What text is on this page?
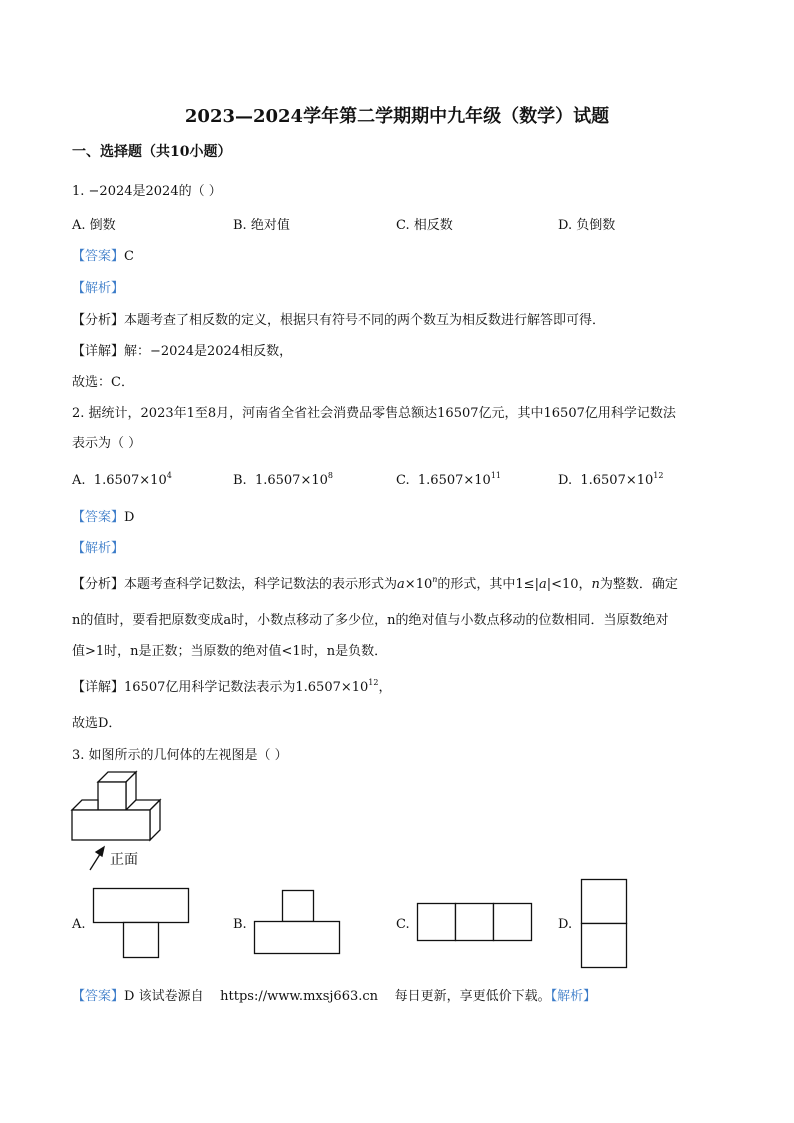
2023—2024学年第二学期期中九年级（数学）试题
一、选择题（共10小题）
1. −2024是2024的（ ）
A. 倒数	B. 绝对值	C. 相反数	D. 负倒数
【答案】C
【解析】
【分析】本题考查了相反数的定义，根据只有符号不同的两个数互为相反数进行解答即可得．
【详解】解：−2024是2024相反数，
故选：C．
2. 据统计，2023年1至8月，河南省全省社会消费品零售总额达16507亿元，其中16507亿用科学记数法
表示为（ ）
A. $1.6507\times 10^4$	B. $1.6507\times 10^8$	C. $1.6507\times 10^{11}$	D. $1.6507\times 10^{12}$
【答案】D
【解析】
【分析】本题考查科学记数法，科学记数法的表示形式为$a\times 10^n$的形式，其中1≤|a|<10，n为整数．确定
n的值时，要看把原数变成a时，小数点移动了多少位，n的绝对值与小数点移动的位数相同．当原数绝对
值>1时，n是正数；当原数的绝对值<1时，n是负数．
【详解】16507亿用科学记数法表示为$1.6507\times 10^{12}$，
故选D．
3. 如图所示的几何体的左视图是（ ）
正面
A.	B.	C.	D.
【答案】D 该试卷源自 https://www.mxsj663.cn 每日更新，享更低价下载。【解析】
